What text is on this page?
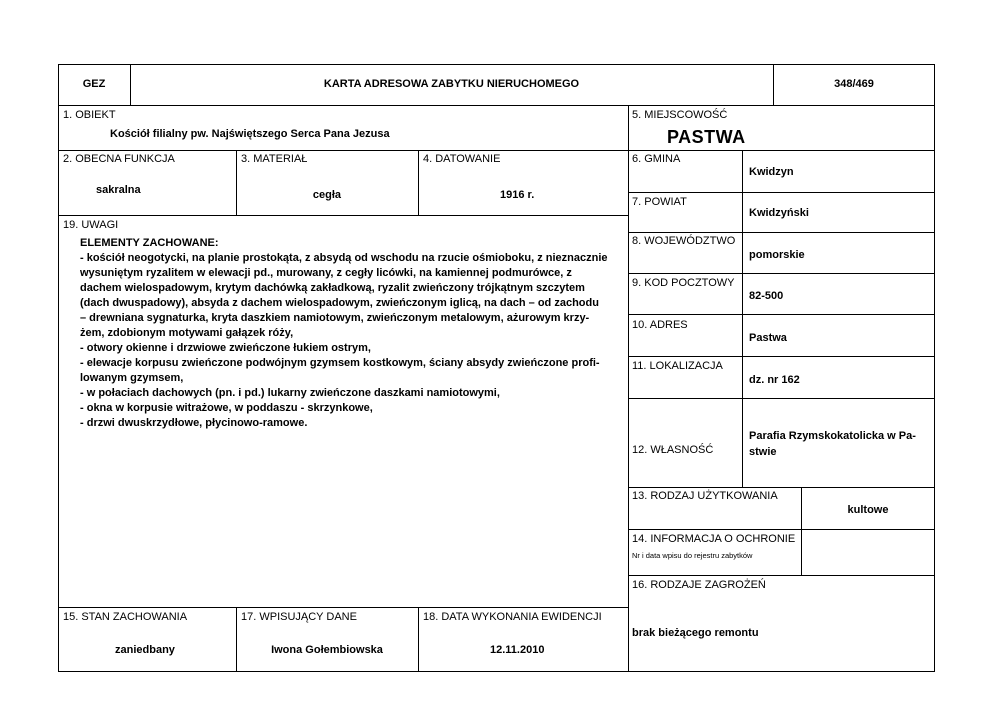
GEZ	KARTA ADRESOWA ZABYTKU NIERUCHOMEGO	348/469
1. OBIEKT
Kościół filialny pw. Najświętszego Serca Pana Jezusa
5. MIEJSCOWOŚĆ
PASTWA
2. OBECNA FUNKCJA
sakralna
3. MATERIAŁ
cegła
4. DATOWANIE
1916 r.
6. GMINA
Kwidzyn
7. POWIAT
Kwidzyński
8. WOJEWÓDZTWO
pomorskie
9. KOD POCZTOWY
82-500
10. ADRES
Pastwa
11. LOKALIZACJA
dz. nr 162
12. WŁASNOŚĆ
Parafia Rzymskokatolicka w Pa-
stwie
13. RODZAJ UŻYTKOWANIA
kultowe
14. INFORMACJA O OCHRONIE
Nr i data wpisu do rejestru zabytków
16. RODZAJE ZAGROŻEŃ
brak bieżącego remontu
19. UWAGI
ELEMENTY ZACHOWANE:
- kościół neogotycki, na planie prostokąta, z absydą od wschodu na rzucie ośmioboku, z nieznacznie
wysuniętym ryzalitem w elewacji pd., murowany, z cegły licówki, na kamiennej podmurówce, z
dachem wielospadowym, krytym dachówką zakładkową, ryzalit zwieńczony trójkątnym szczytem
(dach dwuspadowy), absyda z dachem wielospadowym, zwieńczonym iglicą, na dach – od zachodu
– drewniana sygnaturka, kryta daszkiem namiotowym, zwieńczonym metalowym, ażurowym krzy-
żem, zdobionym motywami gałązek róży,
- otwory okienne i drzwiowe zwieńczone łukiem ostrym,
- elewacje korpusu zwieńczone podwójnym gzymsem kostkowym, ściany absydy zwieńczone profi-
lowanym gzymsem,
- w połaciach dachowych (pn. i pd.) lukarny zwieńczone daszkami namiotowymi,
- okna w korpusie witrażowe, w poddaszu - skrzynkowe,
- drzwi dwuskrzydłowe, płycinowo-ramowe.
15. STAN ZACHOWANIA
zaniedbany
17. WPISUJĄCY DANE
Iwona Gołembiowska
18. DATA WYKONANIA EWIDENCJI
12.11.2010
